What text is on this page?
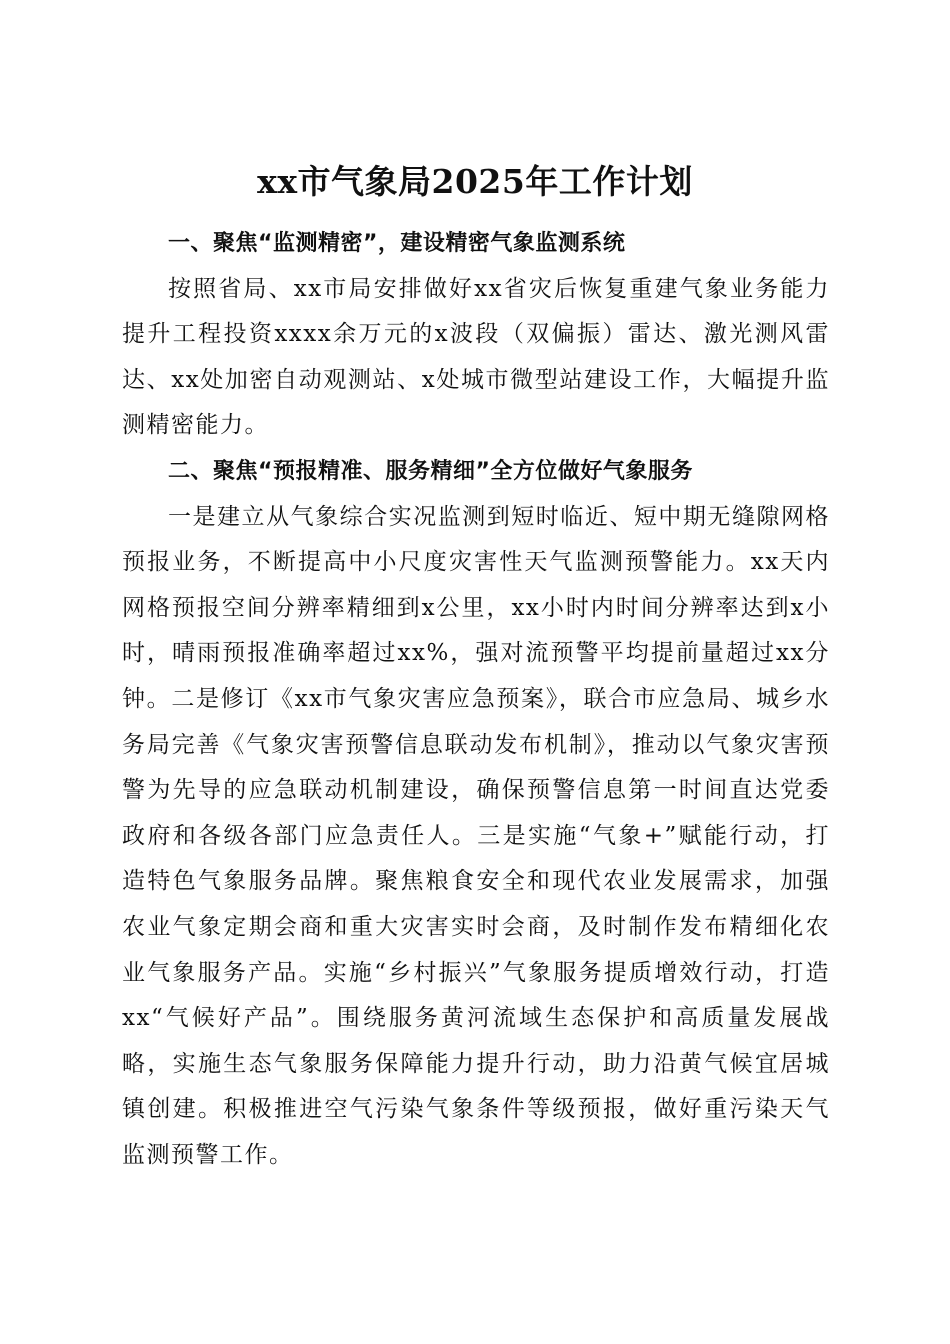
xx市气象局2025年工作计划

一、聚焦“监测精密”，建设精密气象监测系统

按照省局、xx市局安排做好xx省灾后恢复重建气象业务能力提升工程投资xxxx余万元的x波段（双偏振）雷达、激光测风雷达、xx处加密自动观测站、x处城市微型站建设工作，大幅提升监测精密能力。

二、聚焦“预报精准、服务精细”全方位做好气象服务

一是建立从气象综合实况监测到短时临近、短中期无缝隙网格预报业务，不断提高中小尺度灾害性天气监测预警能力。xx天内网格预报空间分辨率精细到x公里，xx小时内时间分辨率达到x小时，晴雨预报准确率超过xx%，强对流预警平均提前量超过xx分钟。二是修订《xx市气象灾害应急预案》，联合市应急局、城乡水务局完善《气象灾害预警信息联动发布机制》，推动以气象灾害预警为先导的应急联动机制建设，确保预警信息第一时间直达党委政府和各级各部门应急责任人。三是实施“气象+”赋能行动，打造特色气象服务品牌。聚焦粮食安全和现代农业发展需求，加强农业气象定期会商和重大灾害实时会商，及时制作发布精细化农业气象服务产品。实施“乡村振兴”气象服务提质增效行动，打造xx“气候好产品”。围绕服务黄河流域生态保护和高质量发展战略，实施生态气象服务保障能力提升行动，助力沿黄气候宜居城镇创建。积极推进空气污染气象条件等级预报，做好重污染天气监测预警工作。
